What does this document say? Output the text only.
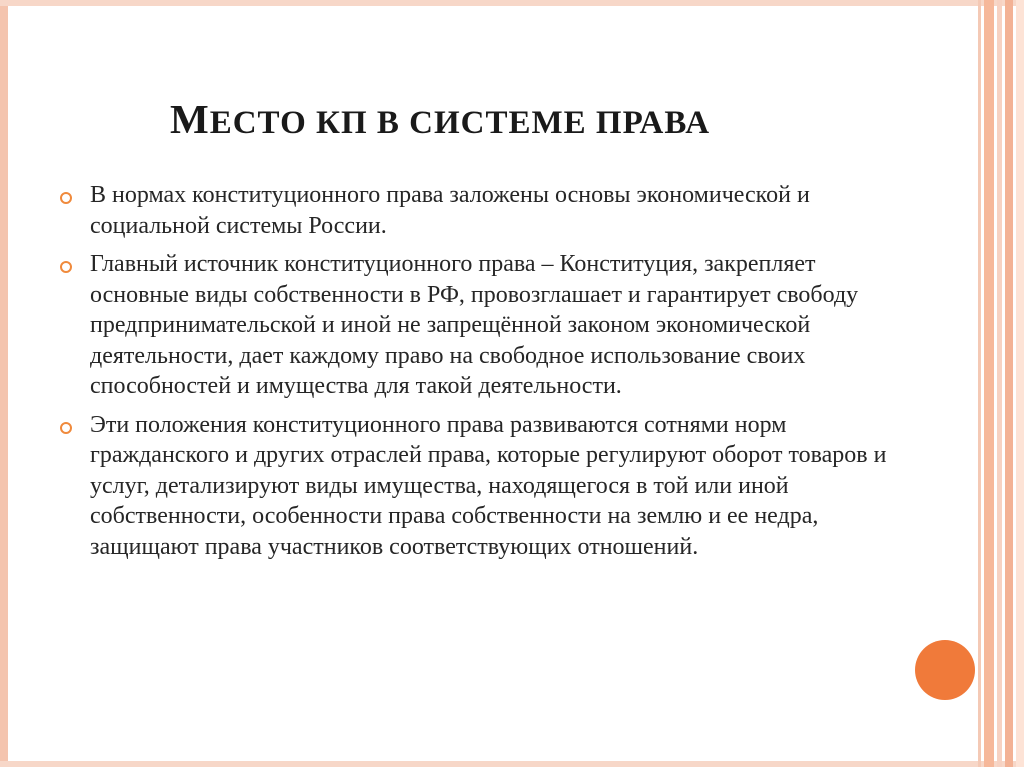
МЕСТО КП В СИСТЕМЕ ПРАВА
В нормах конституционного права заложены основы экономической и социальной системы России.
Главный источник конституционного права – Конституция, закрепляет основные виды собственности в РФ, провозглашает и гарантирует свободу предпринимательской и иной не запрещённой законом экономической деятельности, дает каждому право на свободное использование своих способностей и имущества для такой деятельности.
Эти положения конституционного права развиваются сотнями норм гражданского и других отраслей права, которые регулируют оборот товаров и услуг, детализируют виды имущества, находящегося в той или иной собственности, особенности права собственности на землю и ее недра, защищают права участников соответствующих отношений.
